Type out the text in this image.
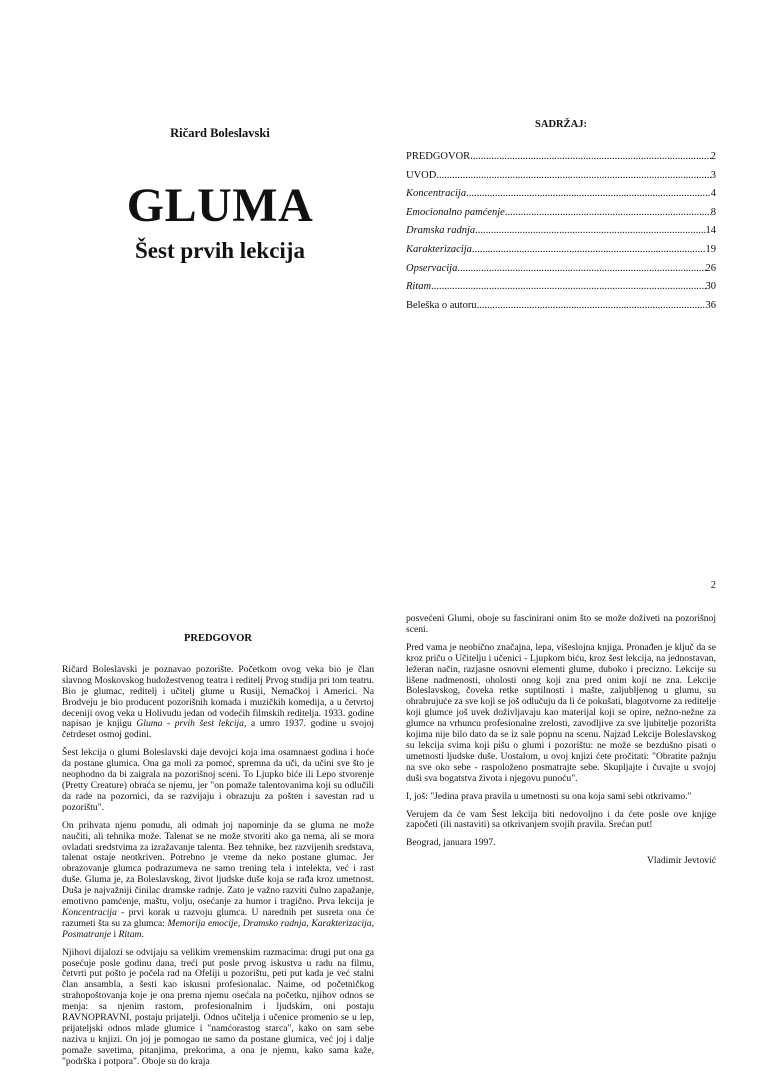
Ričard Boleslavski
GLUMA
Šest prvih lekcija
SADRŽAJ:
PREDGOVOR .....	2
UVOD .....	3
Koncentracija .....	4
Emocionalno pamćenje .....	8
Dramska radnja .....	14
Karakterizacija .....	19
Opservacija .....	26
Ritam .....	30
Beleška o autoru .....	36
2
PREDGOVOR

Ričard Boleslavski je poznavao pozorište. Početkom ovog veka bio je član slavnog Moskovskog hudožestvenog teatra i reditelj Prvog studija pri tom teatru. Bio je glumac, reditelj i učitelj glume u Rusiji, Nemačkoj i Americi. Na Brodveju je bio producent pozorišnih komada i muzičkih komedija, a u četvrtoj deceniji ovog veka u Holivudu jedan od vodećih filmskih reditelja. 1933. godine napisao je knjigu Gluma - prvih šest lekcija, a umro 1937. godine u svojoj četrdeset osmoj godini.

Šest lekcija o glumi Boleslavski daje devojci koja ima osamnaest godina i hoće da postane glumica. Ona ga moli za pomoć, spremna da uči, da učini sve što je neophodno da bi zaigrala na pozorišnoj sceni. To Ljupko biće ili Lepo stvorenje (Pretty Creature) obraća se njemu, jer "on pomaže talentovanima koji su odlučili da rade na pozornici, da se razvijaju i obrazuju za pošten i savestan rad u pozorištu".

On prihvata njenu ponudu, ali odmah joj napominje da se gluma ne može naučiti, ali tehnika može. Talenat se ne može stvoriti ako ga nema, ali se mora ovladati sredstvima za izražavanje talenta. Bez tehnike, bez razvijenih sredstava, talenat ostaje neotkriven. Potrebno je vreme da neko postane glumac. Jer obrazovanje glumca podrazumeva ne samo trening tela i intelekta, već i rast duše. Gluma je, za Boleslavskog, život ljudske duše koja se rađa kroz umetnost. Duša je najvažniji činilac dramske radnje. Zato je važno razviti čulno zapažanje, emotivno pamćenje, maštu, volju, osećanje za humor i tragično. Prva lekcija je Koncentracija - prvi korak u razvoju glumca. U narednih pet susreta ona će razumeti šta su za glumca: Memorija emocije, Dramsko radnja, Karakterizacija, Posmatranje i Ritam.

Njihovi dijalozi se odvijaju sa velikim vremenskim razmacima: drugi put ona ga posećuje posle godinu dana, treći put posle prvog iskustva u radu na filmu, četvrti put pošto je počela rad na Ofeliji u pozorištu, peti put kada je već stalni član ansambla, a šesti kao iskusni profesionalac. Naime, od početničkog strahopoštovanja koje je ona prema njemu osećala na početku, njihov odnos se menja: sa njenim rastom, profesionalnim i ljudskim, oni postaju RAVNOPRAVNI, postaju prijatelji. Odnos učitelja i učenice promenio se u lep, prijateljski odnos mlade glumice i "namćorastog starca", kako on sam sebe naziva u knjizi. On joj je pomogao ne samo da postane glumica, već joj i dalje pomaže savetima, pitanjima, prekorima, a ona je njemu, kako sama kaže, "podrška i potpora". Oboje su do kraja

posvećeni Glumi, oboje su fascinirani onim što se može doživeti na pozorišnoj sceni.

Pred vama je neobično značajna, lepa, višeslojna knjiga. Pronađen je ključ da se kroz priču o Učitelju i učenici - Ljupkom biću, kroz šest lekcija, na jednostavan, ležeran način, razjasne osnovni elementi glume, duboko i precizno. Lekcije su lišene nadmenosti, oholosti onog koji zna pred onim koji ne zna. Lekcije Boleslavskog, čoveka retke suptilnosti i mašte, zaljubljenog u glumu, su ohrabrujuće za sve koji se još odlučuju da li će pokušati, blagotvorne za reditelje koji glumce još uvek doživljavaju kao materijal koji se opire, nežno-nežne za glumce na vrhuncu profesionalne zrelosti, zavodljive za sve ljubitelje pozorišta kojima nije bilo dato da se iz sale popnu na scenu. Najzad Lekcije Boleslavskog su lekcija svima koji pišu o glumi i pozorištu: ne može se bezdušno pisati o umetnosti ljudske duše. Uostalom, u ovoj knjizi ćete pročitati: "Obratite pažnju na sve oko sebe - raspoloženo posmatrajte sebe. Skupljajte i čuvajte u svojoj duši sva bogatstva života i njegovu punoću".

I, još: "Jedina prava pravila u umetnosti su ona koja sami sebi otkrivamo."

Verujem da će vam Šest lekcija biti nedovoljno i da ćete posle ove knjige započeti (ili nastaviti) sa otkrivanjem svojih pravila. Srećan put!

Beograd, januara 1997.

Vladimir Jevtović
